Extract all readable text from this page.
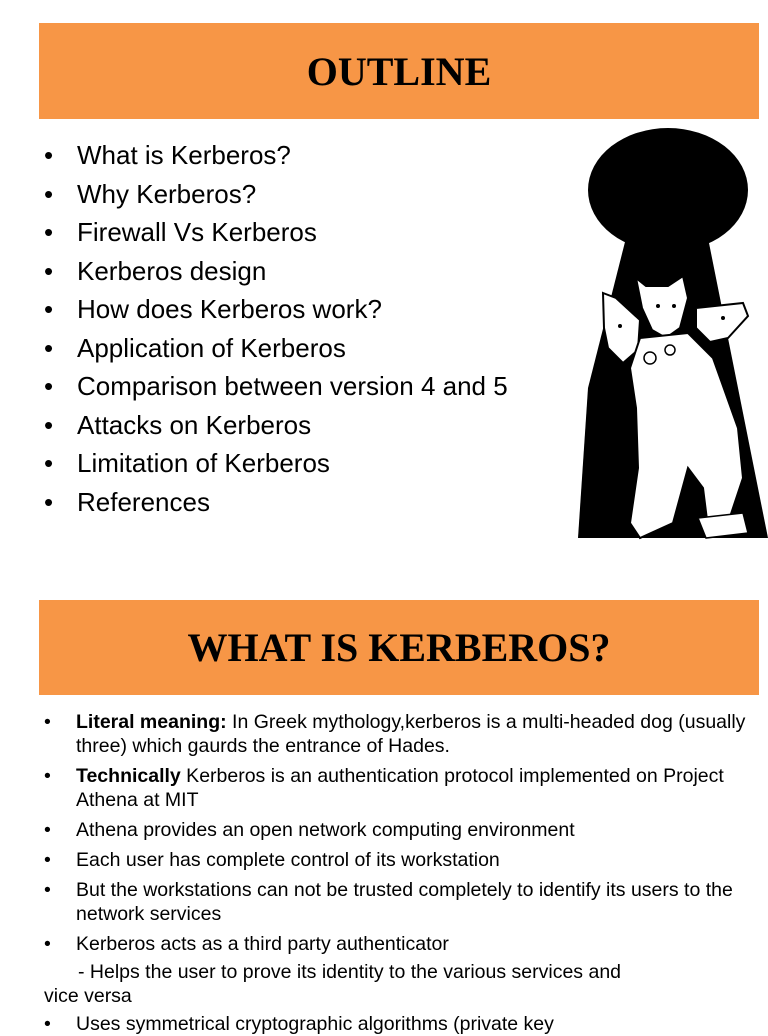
OUTLINE
• What is Kerberos?
• Why Kerberos?
• Firewall Vs Kerberos
• Kerberos design
• How does Kerberos work?
• Application of Kerberos
• Comparison between version 4 and 5
• Attacks on Kerberos
• Limitation of Kerberos
• References
WHAT IS KERBEROS?
• Literal meaning: In Greek mythology,kerberos is a multi-headed dog (usually three) which gaurds the entrance of Hades.
• Technically Kerberos is an authentication protocol implemented on Project Athena at MIT
• Athena provides an open network computing environment
• Each user has complete control of its workstation
• But the workstations can not be trusted completely to identify its users to the network services
• Kerberos acts as a third party authenticator
- Helps the user to prove its identity to the various services and
vice versa
• Uses symmetrical cryptographic algorithms (private key
